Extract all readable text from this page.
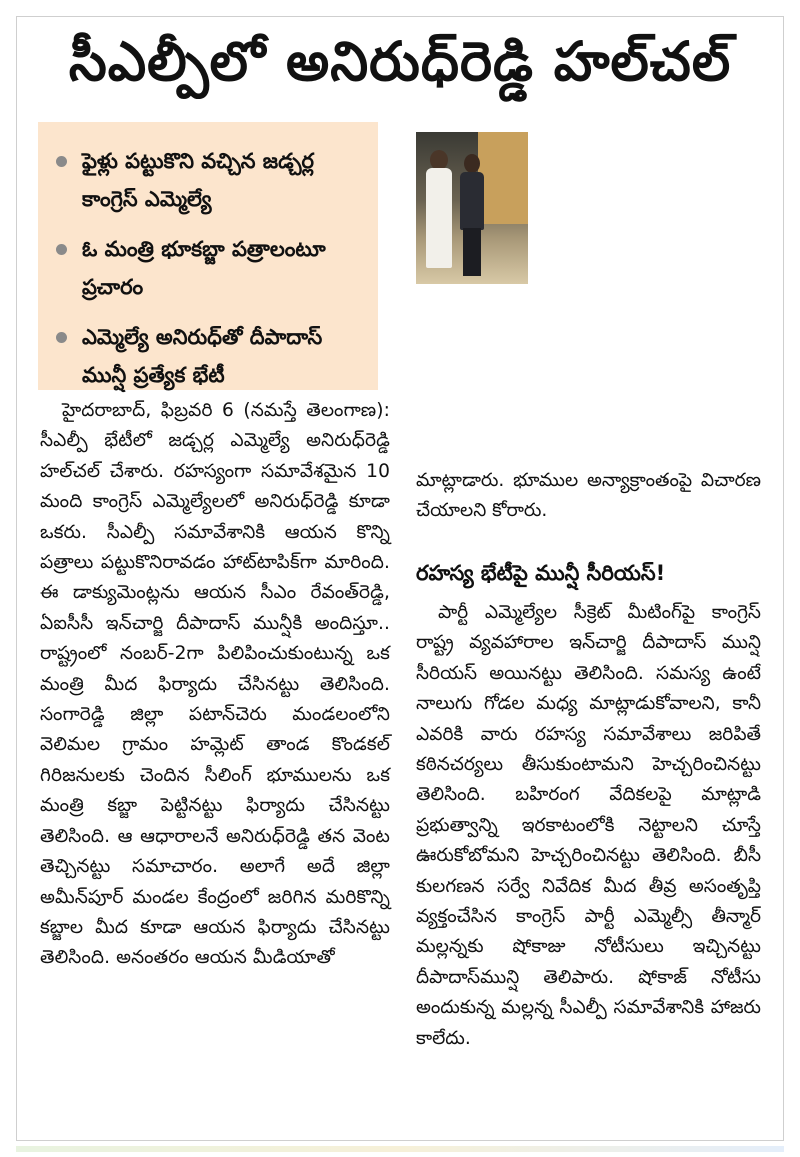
సీఎల్పీలో అనిరుధ్‌రెడ్డి హల్‌చల్‌
ఫైళ్లు పట్టుకొని వచ్చిన జడ్చర్ల కాంగ్రెస్‌ ఎమ్మెల్యే
ఓ మంత్రి భూకబ్జా పత్రాలంటూ ప్రచారం
ఎమ్మెల్యే అనిరుధ్‌తో దీపాదాస్‌ మున్షీ ప్రత్యేక భేటీ

హైదరాబాద్‌, ఫిబ్రవరి 6 (నమస్తే తెలంగాణ): సీఎల్పీ భేటీలో జడ్చర్ల ఎమ్మెల్యే అనిరుధ్‌రెడ్డి హల్‌చల్‌ చేశారు. రహస్యంగా సమావేశమైన 10 మంది కాంగ్రెస్‌ ఎమ్మెల్యేలలో అనిరుధ్‌రెడ్డి కూడా ఒకరు. సీఎల్పీ సమావేశానికి ఆయన కొన్ని పత్రాలు పట్టుకొనిరావడం హాట్‌టాపిక్‌గా మారింది. ఈ డాక్యుమెంట్లను ఆయన సీఎం రేవంత్‌రెడ్డి, ఏఐసీసీ ఇన్‌చార్జి దీపాదాస్‌ మున్షీకి అందిస్తూ.. రాష్ట్రంలో నంబర్‌-2గా పిలిపించుకుంటున్న ఒక మంత్రి మీద ఫిర్యాదు చేసినట్టు తెలిసింది. సంగారెడ్డి జిల్లా పటాన్‌చెరు మండలంలోని వెలిమల గ్రామం హమ్లెట్‌ తాండ కొండకల్‌ గిరిజనులకు చెందిన సీలింగ్‌ భూములను ఒక మంత్రి కబ్జా పెట్టినట్టు ఫిర్యాదు చేసినట్టు తెలిసింది. ఆ ఆధారాలనే అనిరుధ్‌రెడ్డి తన వెంట తెచ్చినట్టు సమాచారం. అలాగే అదే జిల్లా అమీన్‌పూర్‌ మండల కేంద్రంలో జరిగిన మరికొన్ని కబ్జాల మీద కూడా ఆయన ఫిర్యాదు చేసినట్టు తెలిసింది. అనంతరం ఆయన మీడియాతో

మాట్లాడారు. భూముల అన్యాక్రాంతంపై విచారణ చేయాలని కోరారు.

రహస్య భేటీపై మున్షీ సీరియస్‌!

పార్టీ ఎమ్మెల్యేల సీక్రెట్‌ మీటింగ్‌పై కాంగ్రెస్‌ రాష్ట్ర వ్యవహారాల ఇన్‌చార్జి దీపాదాస్‌ మున్షి సీరియస్‌ అయినట్టు తెలిసింది. సమస్య ఉంటే నాలుగు గోడల మధ్య మాట్లాడుకోవాలని, కానీ ఎవరికి వారు రహస్య సమావేశాలు జరిపితే కఠినచర్యలు తీసుకుంటామని హెచ్చరించినట్టు తెలిసింది. బహిరంగ వేదికలపై మాట్లాడి ప్రభుత్వాన్ని ఇరకాటంలోకి నెట్టాలని చూస్తే ఊరుకోబోమని హెచ్చరించినట్టు తెలిసింది. బీసీ కులగణన సర్వే నివేదిక మీద తీవ్ర అసంతృప్తి వ్యక్తంచేసిన కాంగ్రెస్‌ పార్టీ ఎమ్మెల్సీ తీన్మార్‌ మల్లన్నకు షోకాజు నోటీసులు ఇచ్చినట్టు దీపాదాస్‌మున్షి తెలిపారు. షోకాజ్‌ నోటీసు అందుకున్న మల్లన్న సీఎల్పీ సమావేశానికి హాజరు కాలేదు.
